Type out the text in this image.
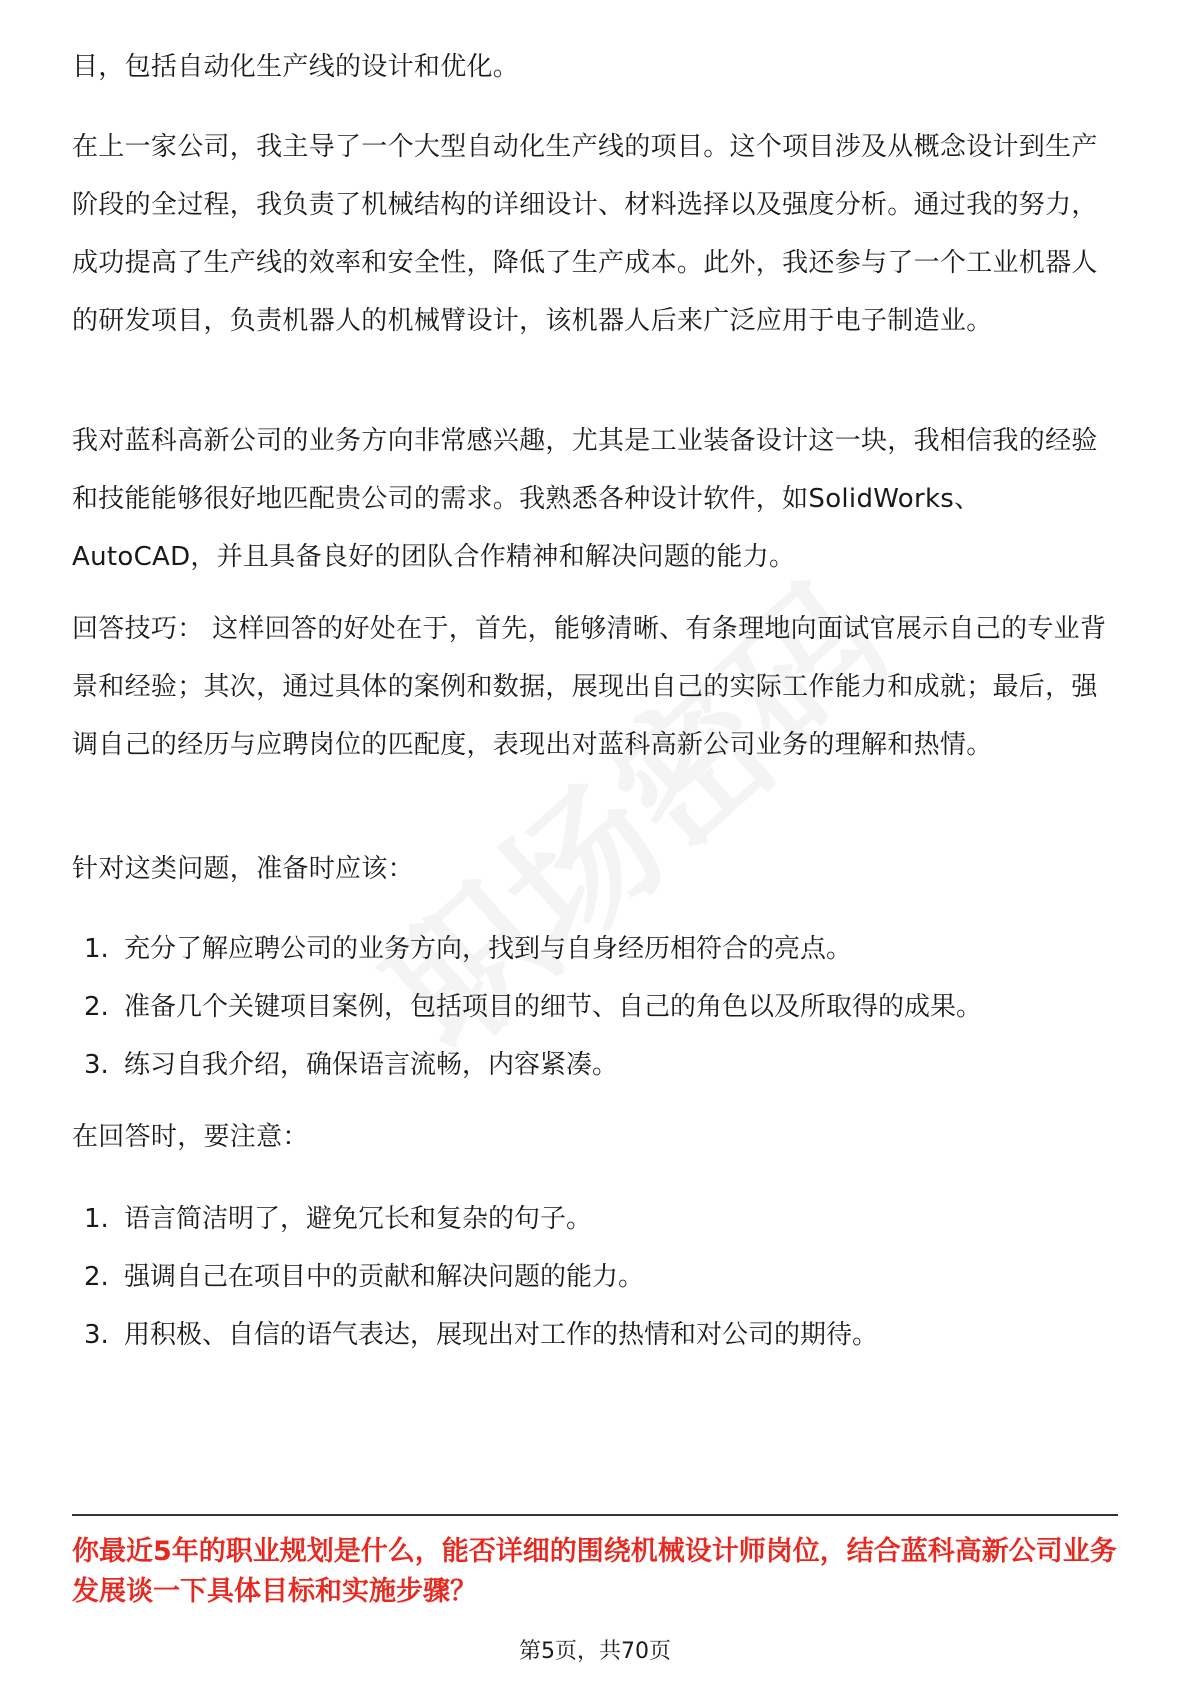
目，包括自动化生产线的设计和优化。

在上一家公司，我主导了一个大型自动化生产线的项目。这个项目涉及从概念设计到生产阶段的全过程，我负责了机械结构的详细设计、材料选择以及强度分析。通过我的努力，成功提高了生产线的效率和安全性，降低了生产成本。此外，我还参与了一个工业机器人的研发项目，负责机器人的机械臂设计，该机器人后来广泛应用于电子制造业。

我对蓝科高新公司的业务方向非常感兴趣，尤其是工业装备设计这一块，我相信我的经验和技能能够很好地匹配贵公司的需求。我熟悉各种设计软件，如SolidWorks、AutoCAD，并且具备良好的团队合作精神和解决问题的能力。

回答技巧： 这样回答的好处在于，首先，能够清晰、有条理地向面试官展示自己的专业背景和经验；其次，通过具体的案例和数据，展现出自己的实际工作能力和成就；最后，强调自己的经历与应聘岗位的匹配度，表现出对蓝科高新公司业务的理解和热情。

针对这类问题，准备时应该：

1. 充分了解应聘公司的业务方向，找到与自身经历相符合的亮点。
2. 准备几个关键项目案例，包括项目的细节、自己的角色以及所取得的成果。
3. 练习自我介绍，确保语言流畅，内容紧凑。

在回答时，要注意：

1. 语言简洁明了，避免冗长和复杂的句子。
2. 强调自己在项目中的贡献和解决问题的能力。
3. 用积极、自信的语气表达，展现出对工作的热情和对公司的期待。

你最近5年的职业规划是什么，能否详细的围绕机械设计师岗位，结合蓝科高新公司业务发展谈一下具体目标和实施步骤？

第5页，共70页
